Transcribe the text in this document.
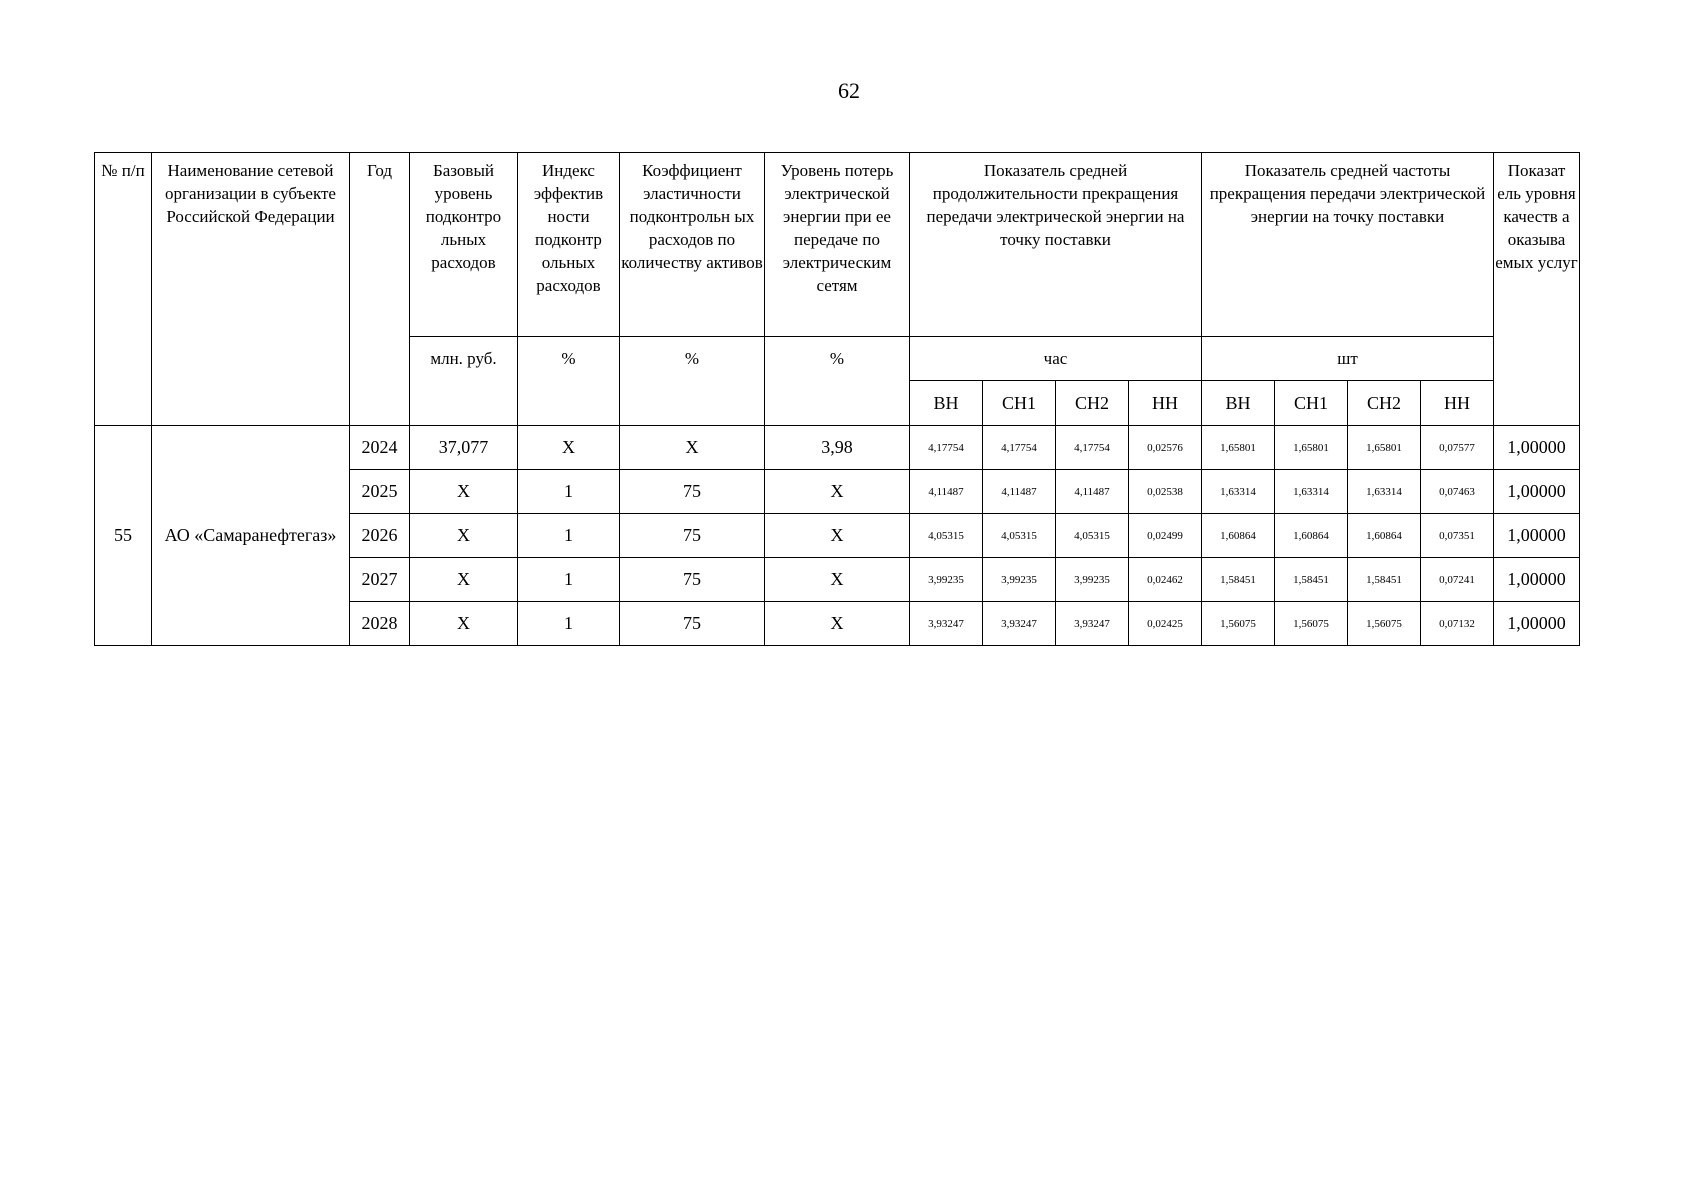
62
№ п/п	Наименование сетевой организации в субъекте Российской Федерации	Год	Базовый уровень подконтро льных расходов	Индекс эффектив ности подконтр ольных расходов	Коэффициент эластичности подконтрольн ых расходов по количеству активов	Уровень потерь электрической энергии при ее передаче по электрическим сетям	Показатель средней продолжительности прекращения передачи электрической энергии на точку поставки				Показатель средней частоты прекращения передачи электрической энергии на точку поставки				Показат ель уровня качеств а оказыва емых услуг
			млн. руб.	%	%	%	час				шт				
							ВН	СН1	СН2	НН	ВН	СН1	СН2	НН	
55	АО «Самаранефтегаз»	2024	37,077	Х	Х	3,98	4,17754	4,17754	4,17754	0,02576	1,65801	1,65801	1,65801	0,07577	1,00000
		2025	Х	1	75	Х	4,11487	4,11487	4,11487	0,02538	1,63314	1,63314	1,63314	0,07463	1,00000
		2026	Х	1	75	Х	4,05315	4,05315	4,05315	0,02499	1,60864	1,60864	1,60864	0,07351	1,00000
		2027	Х	1	75	Х	3,99235	3,99235	3,99235	0,02462	1,58451	1,58451	1,58451	0,07241	1,00000
		2028	Х	1	75	Х	3,93247	3,93247	3,93247	0,02425	1,56075	1,56075	1,56075	0,07132	1,00000
